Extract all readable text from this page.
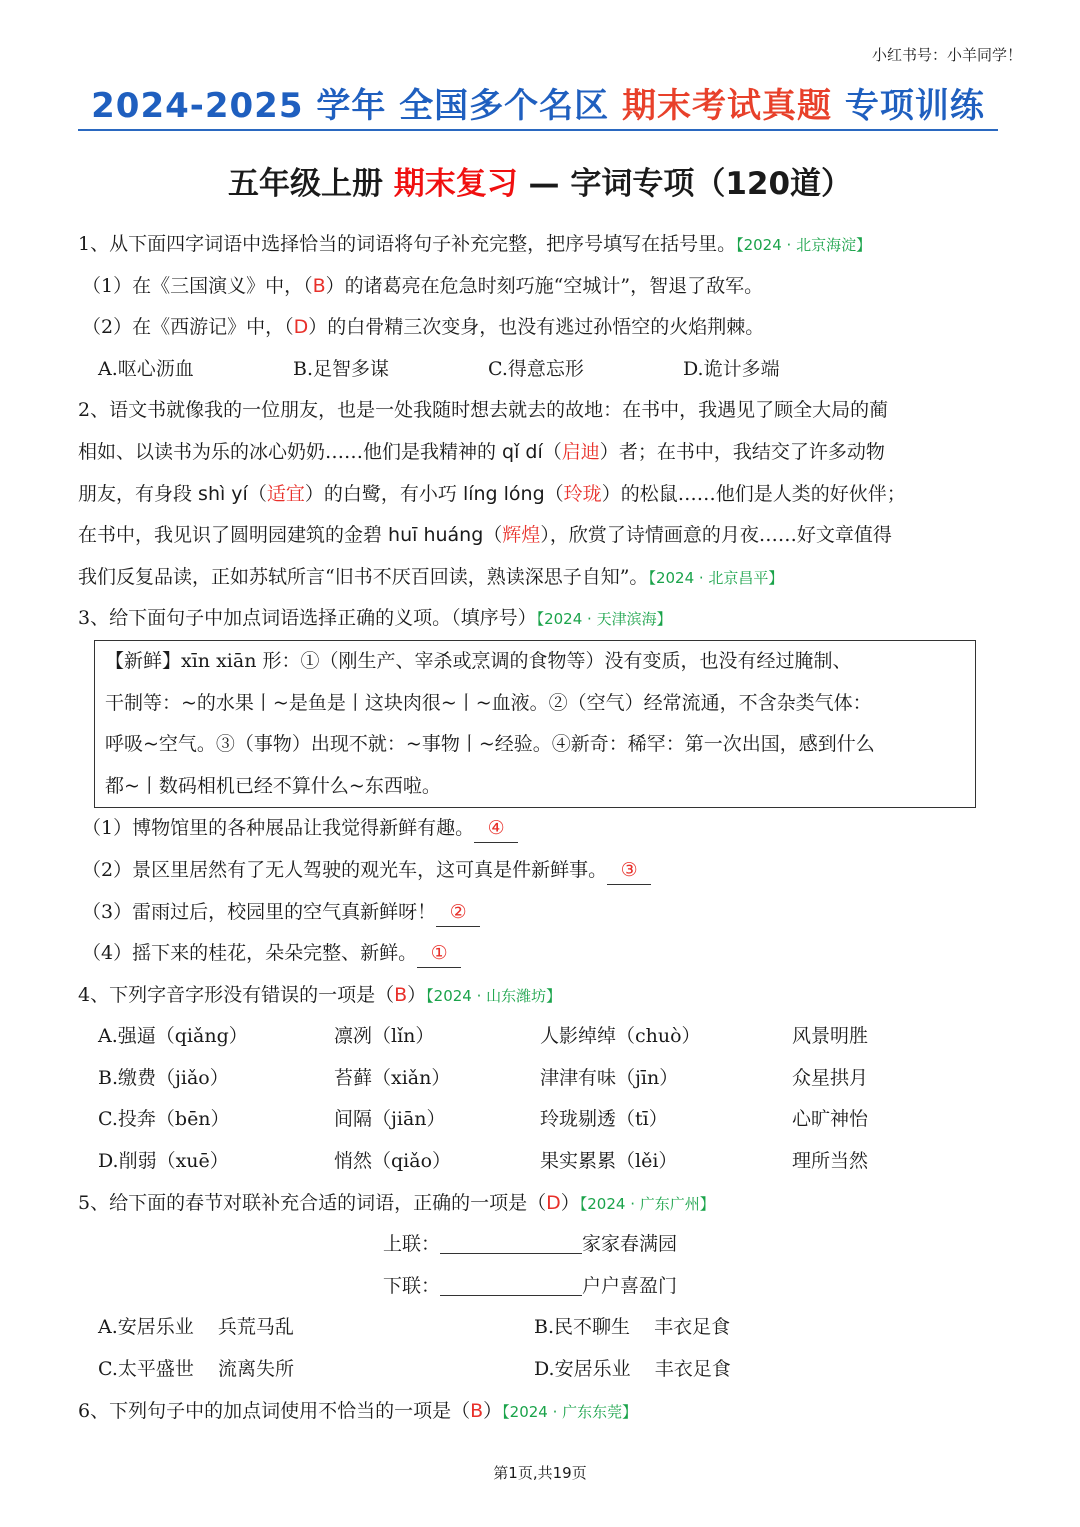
小红书号：小羊同学！
2024-2025 学年 全国多个名区 期末考试真题 专项训练
五年级上册 期末复习 — 字词专项（120道）
1、从下面四字词语中选择恰当的词语将句子补充完整，把序号填写在括号里。【2024 · 北京海淀】
（1）在《三国演义》中，（B）的诸葛亮在危急时刻巧施“空城计”，智退了敌军。
（2）在《西游记》中，（D）的白骨精三次变身，也没有逃过孙悟空的火焰荆棘。
A.呕心沥血	B.足智多谋	C.得意忘形	D.诡计多端
2、语文书就像我的一位朋友，也是一处我随时想去就去的故地：在书中，我遇见了顾全大局的蔺
相如、以读书为乐的冰心奶奶……他们是我精神的 qǐ dí（启迪）者；在书中，我结交了许多动物
朋友，有身段 shì yí（适宜）的白鹭，有小巧 líng lóng（玲珑）的松鼠……他们是人类的好伙伴；
在书中，我见识了圆明园建筑的金碧 huī huáng（辉煌），欣赏了诗情画意的月夜……好文章值得
我们反复品读，正如苏轼所言“旧书不厌百回读，熟读深思子自知”。【2024 · 北京昌平】
3、给下面句子中加点词语选择正确的义项。（填序号）【2024 · 天津滨海】
【新鲜】xīn xiān 形：①（刚生产、宰杀或烹调的食物等）没有变质，也没有经过腌制、
干制等：~的水果丨~是鱼是丨这块肉很~丨~血液。②（空气）经常流通，不含杂类气体：
呼吸~空气。③（事物）出现不就：~事物丨~经验。④新奇：稀罕：第一次出国，感到什么
都~丨数码相机已经不算什么~东西啦。
（1）博物馆里的各种展品让我觉得新鲜有趣。 ④
（2）景区里居然有了无人驾驶的观光车，这可真是件新鲜事。 ③
（3）雷雨过后，校园里的空气真新鲜呀！ ②
（4）摇下来的桂花，朵朵完整、新鲜。 ①
4、下列字音字形没有错误的一项是（B）【2024 · 山东潍坊】
A.强逼（qiǎng）	凛冽（lǐn）	人影绰绰（chuò）	风景明胜
B.缴费（jiǎo）	苔藓（xiǎn）	津津有味（jīn）	众星拱月
C.投奔（bēn）	间隔（jiān）	玲珑剔透（tī）	心旷神怡
D.削弱（xuē）	悄然（qiǎo）	果实累累（lěi）	理所当然
5、给下面的春节对联补充合适的词语，正确的一项是（D）【2024 · 广东广州】
上联：	家家春满园
下联：	户户喜盈门
A.安居乐业    兵荒马乱	B.民不聊生    丰衣足食
C.太平盛世    流离失所	D.安居乐业    丰衣足食
6、下列句子中的加点词使用不恰当的一项是（B）【2024 · 广东东莞】
第1页,共19页
